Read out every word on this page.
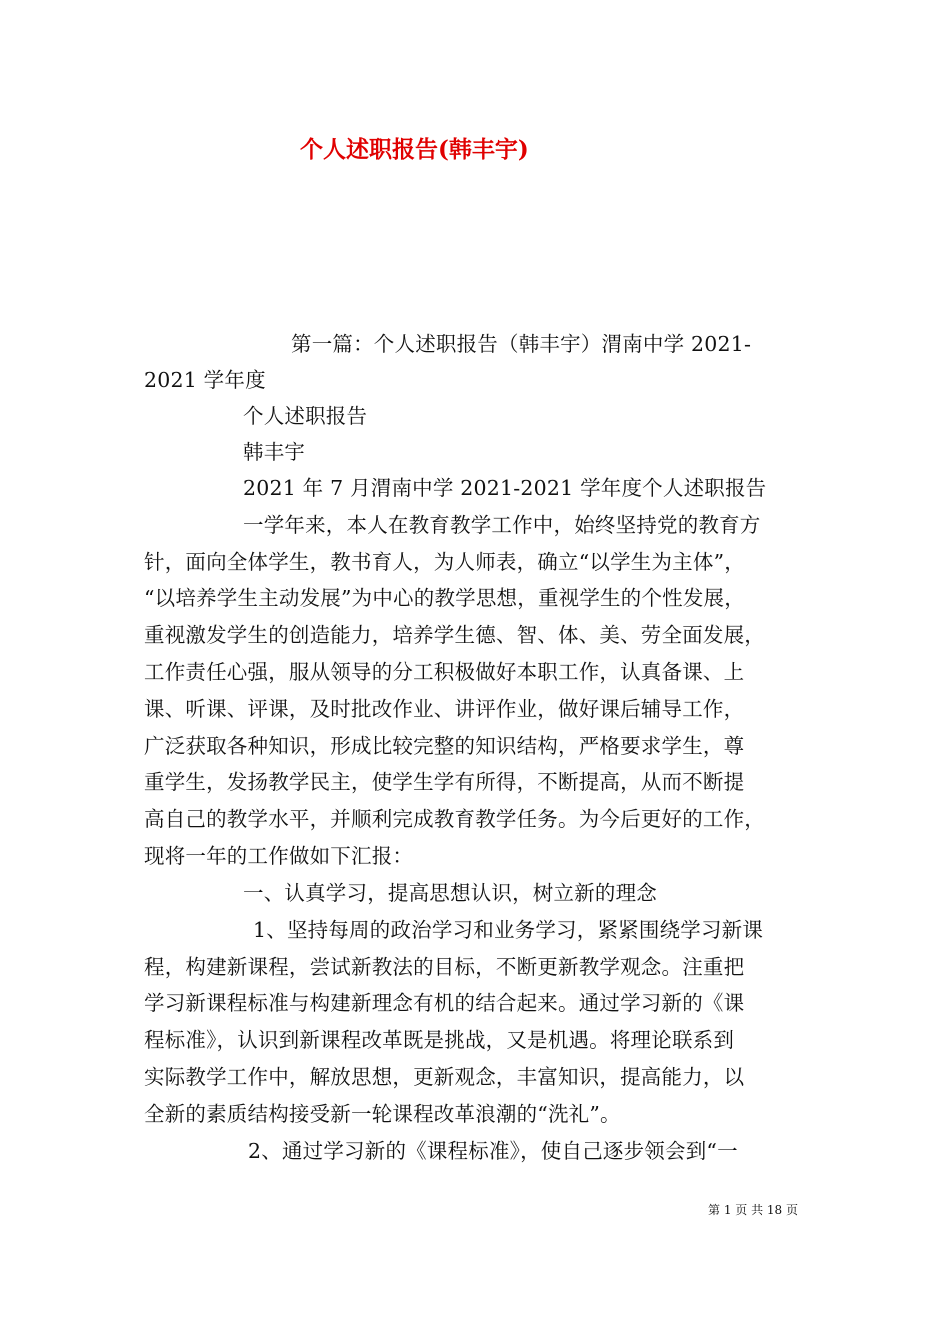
个人述职报告(韩丰宇)
第一篇：个人述职报告（韩丰宇）渭南中学 2021-
2021 学年度
个人述职报告
韩丰宇
2021 年 7 月渭南中学 2021-2021 学年度个人述职报告
一学年来，本人在教育教学工作中，始终坚持党的教育方
针，面向全体学生，教书育人，为人师表，确立“以学生为主体”，
“以培养学生主动发展”为中心的教学思想，重视学生的个性发展，
重视激发学生的创造能力，培养学生德、智、体、美、劳全面发展，
工作责任心强，服从领导的分工积极做好本职工作，认真备课、上
课、听课、评课，及时批改作业、讲评作业，做好课后辅导工作，
广泛获取各种知识，形成比较完整的知识结构，严格要求学生，尊
重学生，发扬教学民主，使学生学有所得，不断提高，从而不断提
高自己的教学水平，并顺利完成教育教学任务。为今后更好的工作，
现将一年的工作做如下汇报：
一、认真学习，提高思想认识，树立新的理念
1、坚持每周的政治学习和业务学习，紧紧围绕学习新课
程，构建新课程，尝试新教法的目标，不断更新教学观念。注重把
学习新课程标准与构建新理念有机的结合起来。通过学习新的《课
程标准》，认识到新课程改革既是挑战，又是机遇。将理论联系到
实际教学工作中，解放思想，更新观念，丰富知识，提高能力，以
全新的素质结构接受新一轮课程改革浪潮的“洗礼”。
2、通过学习新的《课程标准》，使自己逐步领会到“一
第 1 页 共 18 页
